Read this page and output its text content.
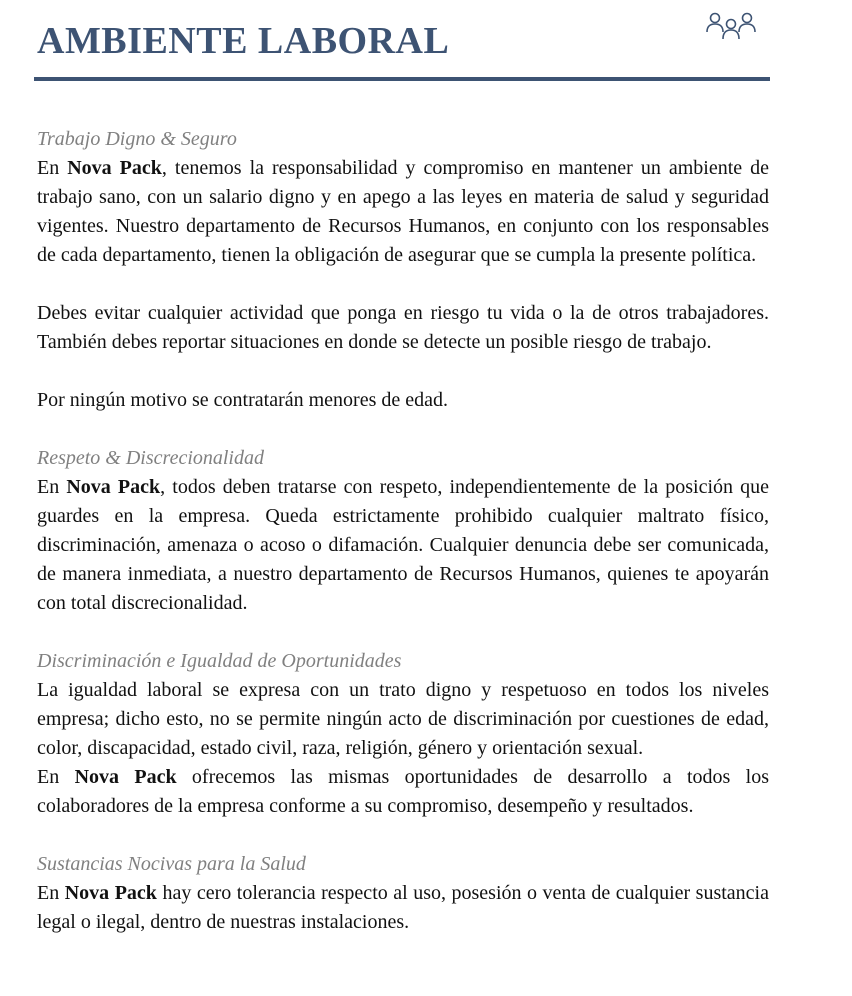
AMBIENTE LABORAL

Trabajo Digno & Seguro

En Nova Pack, tenemos la responsabilidad y compromiso en mantener un ambiente de trabajo sano, con un salario digno y en apego a las leyes en materia de salud y seguridad vigentes. Nuestro departamento de Recursos Humanos, en conjunto con los responsables de cada departamento, tienen la obligación de asegurar que se cumpla la presente política.

Debes evitar cualquier actividad que ponga en riesgo tu vida o la de otros trabajadores. También debes reportar situaciones en donde se detecte un posible riesgo de trabajo.

Por ningún motivo se contratarán menores de edad.

Respeto & Discrecionalidad

En Nova Pack, todos deben tratarse con respeto, independientemente de la posición que guardes en la empresa. Queda estrictamente prohibido cualquier maltrato físico, discriminación, amenaza o acoso o difamación. Cualquier denuncia debe ser comunicada, de manera inmediata, a nuestro departamento de Recursos Humanos, quienes te apoyarán con total discrecionalidad.

Discriminación e Igualdad de Oportunidades

La igualdad laboral se expresa con un trato digno y respetuoso en todos los niveles empresa; dicho esto, no se permite ningún acto de discriminación por cuestiones de edad, color, discapacidad, estado civil, raza, religión, género y orientación sexual.

En Nova Pack ofrecemos las mismas oportunidades de desarrollo a todos los colaboradores de la empresa conforme a su compromiso, desempeño y resultados.

Sustancias Nocivas para la Salud

En Nova Pack hay cero tolerancia respecto al uso, posesión o venta de cualquier sustancia legal o ilegal, dentro de nuestras instalaciones.
